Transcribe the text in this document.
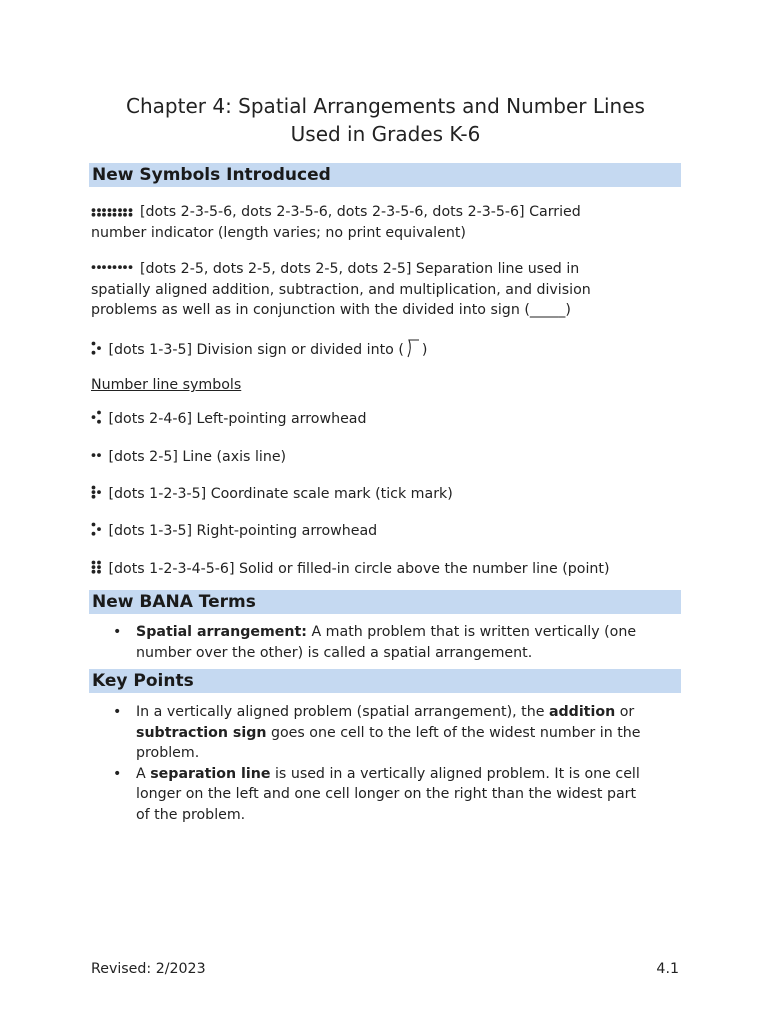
Chapter 4: Spatial Arrangements and Number Lines
Used in Grades K-6
New Symbols Introduced
[dots 2-3-5-6, dots 2-3-5-6, dots 2-3-5-6, dots 2-3-5-6] Carried
number indicator (length varies; no print equivalent)
[dots 2-5, dots 2-5, dots 2-5, dots 2-5] Separation line used in
spatially aligned addition, subtraction, and multiplication, and division
problems as well as in conjunction with the divided into sign (_____)
[dots 1-3-5] Division sign or divided into ( )
Number line symbols
[dots 2-4-6] Left-pointing arrowhead
[dots 2-5] Line (axis line)
[dots 1-2-3-5] Coordinate scale mark (tick mark)
[dots 1-3-5] Right-pointing arrowhead
[dots 1-2-3-4-5-6] Solid or filled-in circle above the number line (point)
New BANA Terms
• Spatial arrangement: A math problem that is written vertically (one
number over the other) is called a spatial arrangement.
Key Points
• In a vertically aligned problem (spatial arrangement), the addition or
subtraction sign goes one cell to the left of the widest number in the
problem.
• A separation line is used in a vertically aligned problem. It is one cell
longer on the left and one cell longer on the right than the widest part
of the problem.
Revised: 2/2023	4.1
